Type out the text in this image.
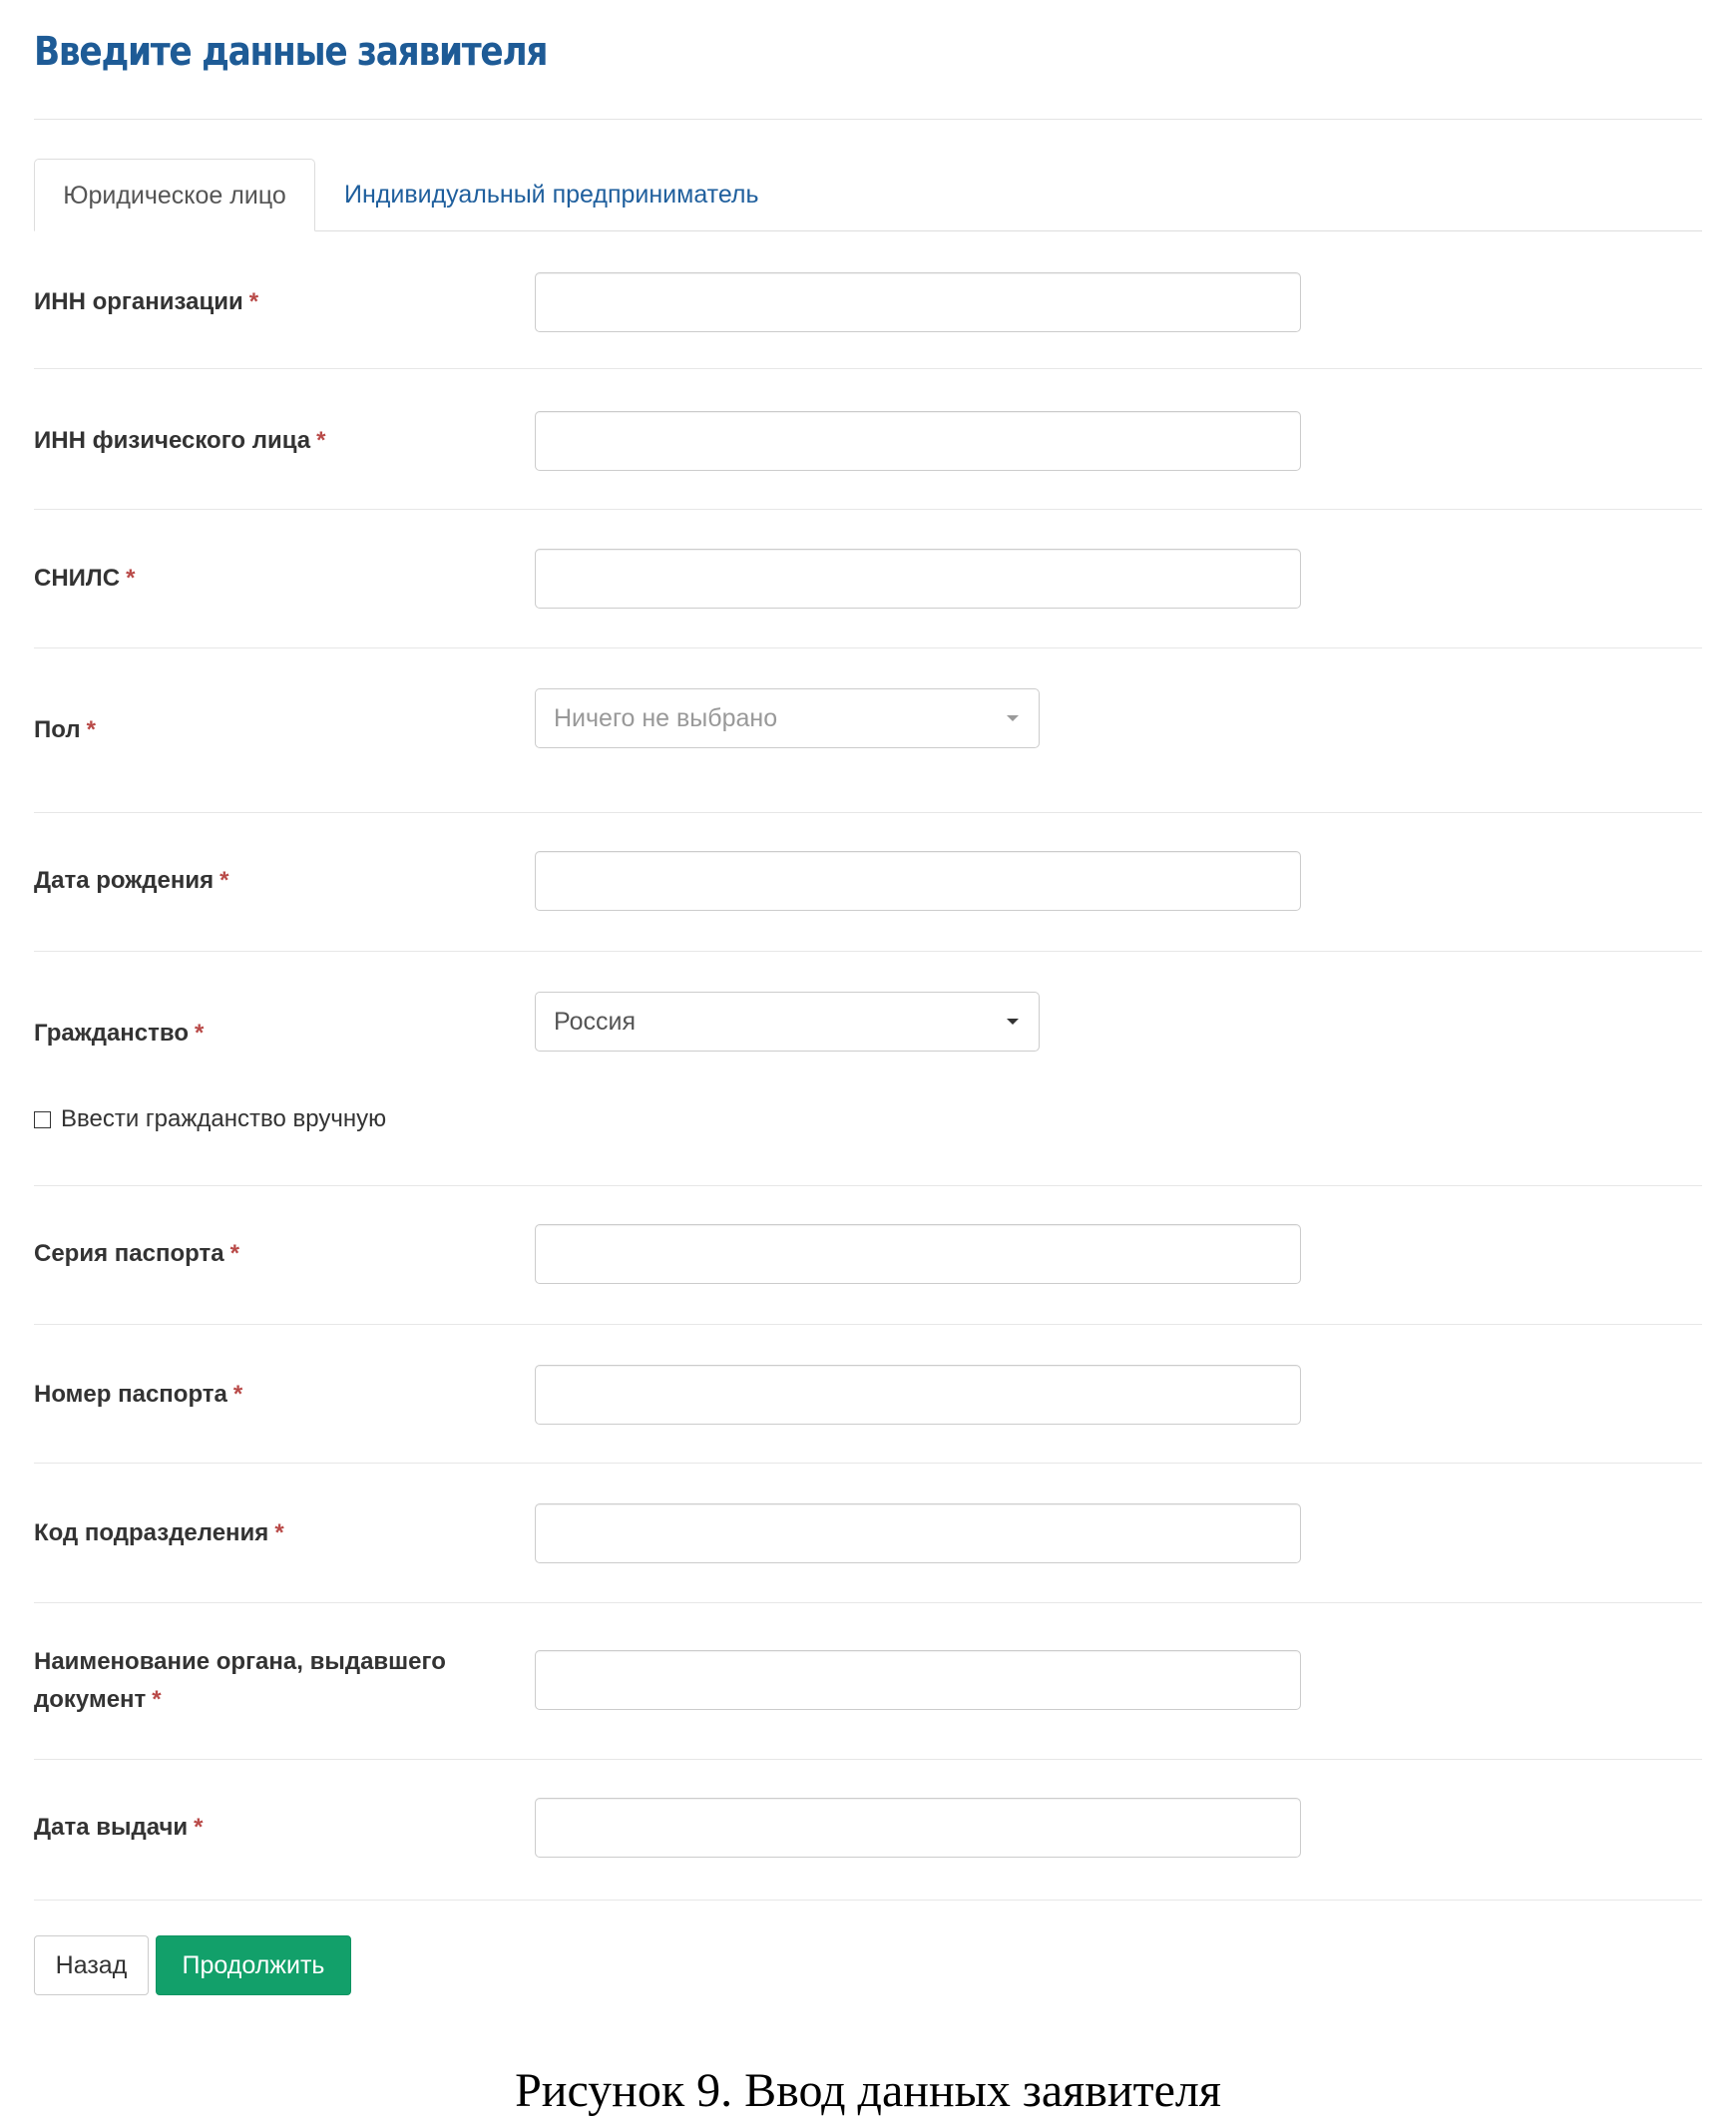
Введите данные заявителя
Юридическое лицо	Индивидуальный предприниматель
ИНН организации *
ИНН физического лица *
СНИЛС *
Пол *	Ничего не выбрано
Дата рождения *
Гражданство *	Россия
Ввести гражданство вручную
Серия паспорта *
Номер паспорта *
Код подразделения *
Наименование органа, выдавшего документ *
Дата выдачи *
Назад	Продолжить
Рисунок 9. Ввод данных заявителя
